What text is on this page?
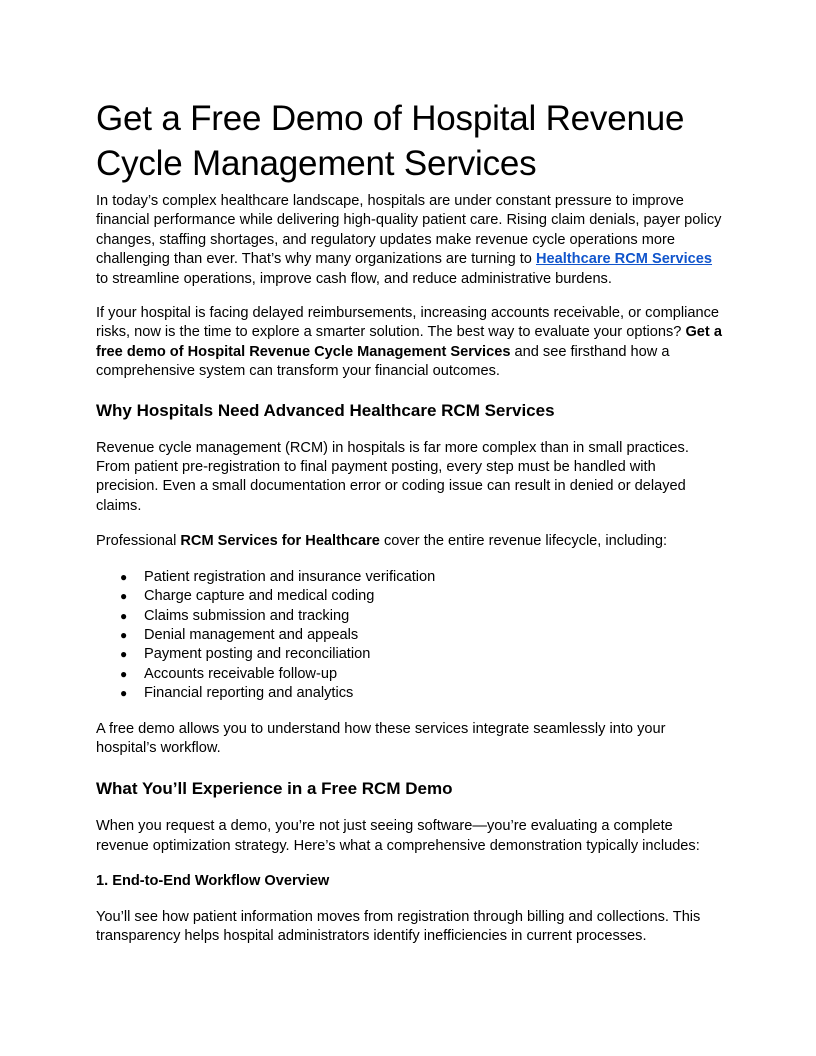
Get a Free Demo of Hospital Revenue Cycle Management Services

In today’s complex healthcare landscape, hospitals are under constant pressure to improve financial performance while delivering high-quality patient care. Rising claim denials, payer policy changes, staffing shortages, and regulatory updates make revenue cycle operations more challenging than ever. That’s why many organizations are turning to Healthcare RCM Services to streamline operations, improve cash flow, and reduce administrative burdens.

If your hospital is facing delayed reimbursements, increasing accounts receivable, or compliance risks, now is the time to explore a smarter solution. The best way to evaluate your options? Get a free demo of Hospital Revenue Cycle Management Services and see firsthand how a comprehensive system can transform your financial outcomes.

Why Hospitals Need Advanced Healthcare RCM Services

Revenue cycle management (RCM) in hospitals is far more complex than in small practices. From patient pre-registration to final payment posting, every step must be handled with precision. Even a small documentation error or coding issue can result in denied or delayed claims.

Professional RCM Services for Healthcare cover the entire revenue lifecycle, including:

● Patient registration and insurance verification
● Charge capture and medical coding
● Claims submission and tracking
● Denial management and appeals
● Payment posting and reconciliation
● Accounts receivable follow-up
● Financial reporting and analytics

A free demo allows you to understand how these services integrate seamlessly into your hospital’s workflow.

What You’ll Experience in a Free RCM Demo

When you request a demo, you’re not just seeing software—you’re evaluating a complete revenue optimization strategy. Here’s what a comprehensive demonstration typically includes:

1. End-to-End Workflow Overview

You’ll see how patient information moves from registration through billing and collections. This transparency helps hospital administrators identify inefficiencies in current processes.
